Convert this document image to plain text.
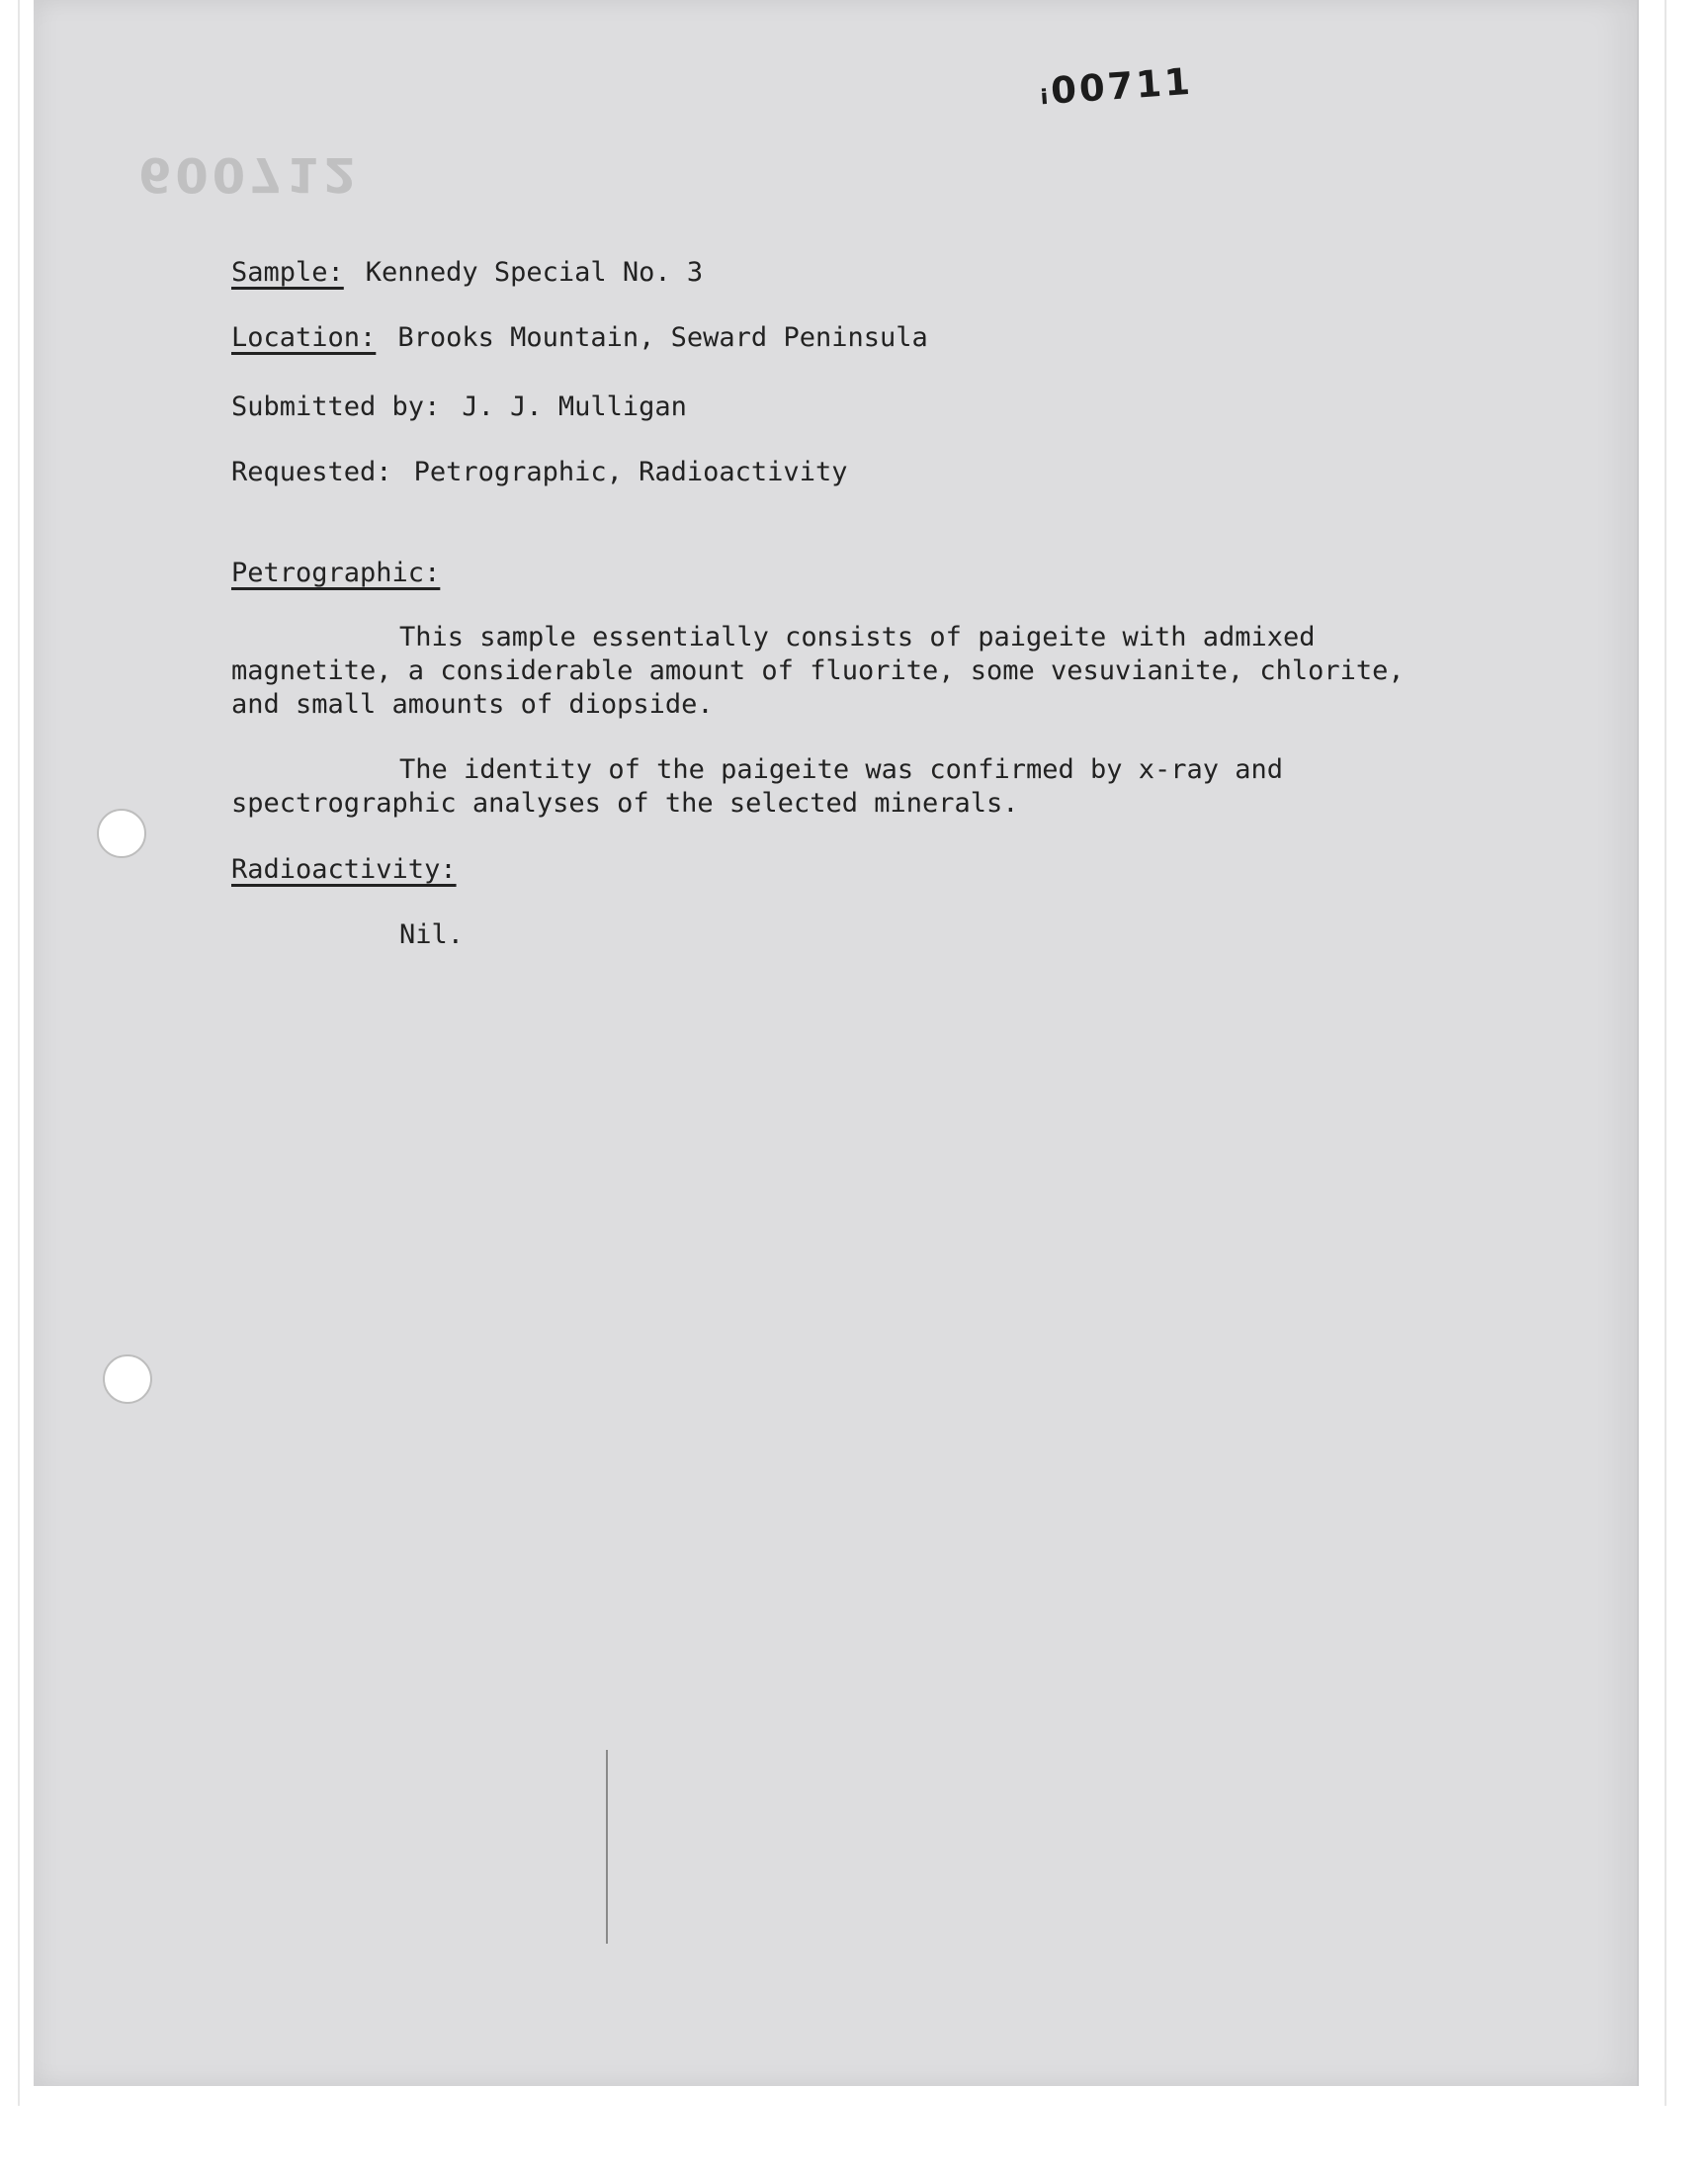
600712
ᵢ00711
Sample: Kennedy Special No. 3
Location: Brooks Mountain, Seward Peninsula
Submitted by: J. J. Mulligan
Requested: Petrographic, Radioactivity
Petrographic:

This sample essentially consists of paigeite with admixed magnetite, a considerable amount of fluorite, some vesuvianite, chlorite, and small amounts of diopside.

The identity of the paigeite was confirmed by x-ray and spectrographic analyses of the selected minerals.

Radioactivity:
Nil.
